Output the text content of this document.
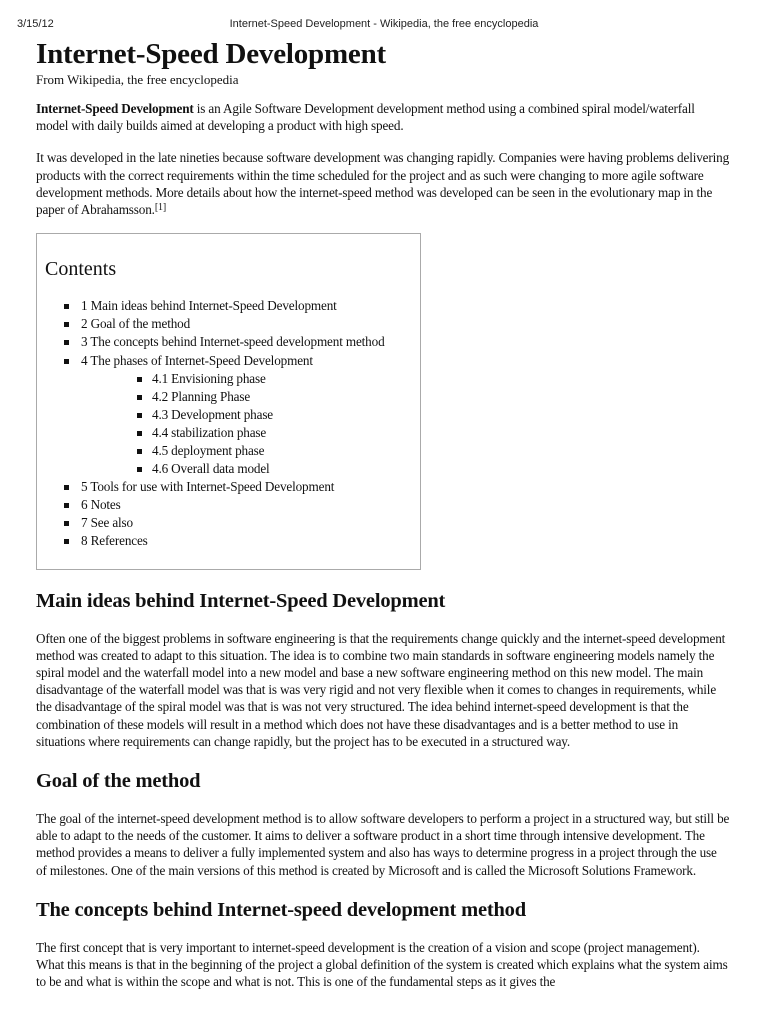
3/15/12	Internet-Speed Development - Wikipedia, the free encyclopedia
Internet-Speed Development
From Wikipedia, the free encyclopedia

Internet-Speed Development is an Agile Software Development development method using a combined spiral model/waterfall model with daily builds aimed at developing a product with high speed.

It was developed in the late nineties because software development was changing rapidly. Companies were having problems delivering products with the correct requirements within the time scheduled for the project and as such were changing to more agile software development methods. More details about how the internet-speed method was developed can be seen in the evolutionary map in the paper of Abrahamsson.[1]

Contents
1 Main ideas behind Internet-Speed Development
2 Goal of the method
3 The concepts behind Internet-speed development method
4 The phases of Internet-Speed Development
4.1 Envisioning phase
4.2 Planning Phase
4.3 Development phase
4.4 stabilization phase
4.5 deployment phase
4.6 Overall data model
5 Tools for use with Internet-Speed Development
6 Notes
7 See also
8 References
Main ideas behind Internet-Speed Development

Often one of the biggest problems in software engineering is that the requirements change quickly and the internet-speed development method was created to adapt to this situation. The idea is to combine two main standards in software engineering models namely the spiral model and the waterfall model into a new model and base a new software engineering method on this new model. The main disadvantage of the waterfall model was that is was very rigid and not very flexible when it comes to changes in requirements, while the disadvantage of the spiral model was that is was not very structured. The idea behind internet-speed development is that the combination of these models will result in a method which does not have these disadvantages and is a better method to use in situations where requirements can change rapidly, but the project has to be executed in a structured way.

Goal of the method

The goal of the internet-speed development method is to allow software developers to perform a project in a structured way, but still be able to adapt to the needs of the customer. It aims to deliver a software product in a short time through intensive development. The method provides a means to deliver a fully implemented system and also has ways to determine progress in a project through the use of milestones. One of the main versions of this method is created by Microsoft and is called the Microsoft Solutions Framework.

The concepts behind Internet-speed development method

The first concept that is very important to internet-speed development is the creation of a vision and scope (project management). What this means is that in the beginning of the project a global definition of the system is created which explains what the system aims to be and what is within the scope and what is not. This is one of the fundamental steps as it gives the
